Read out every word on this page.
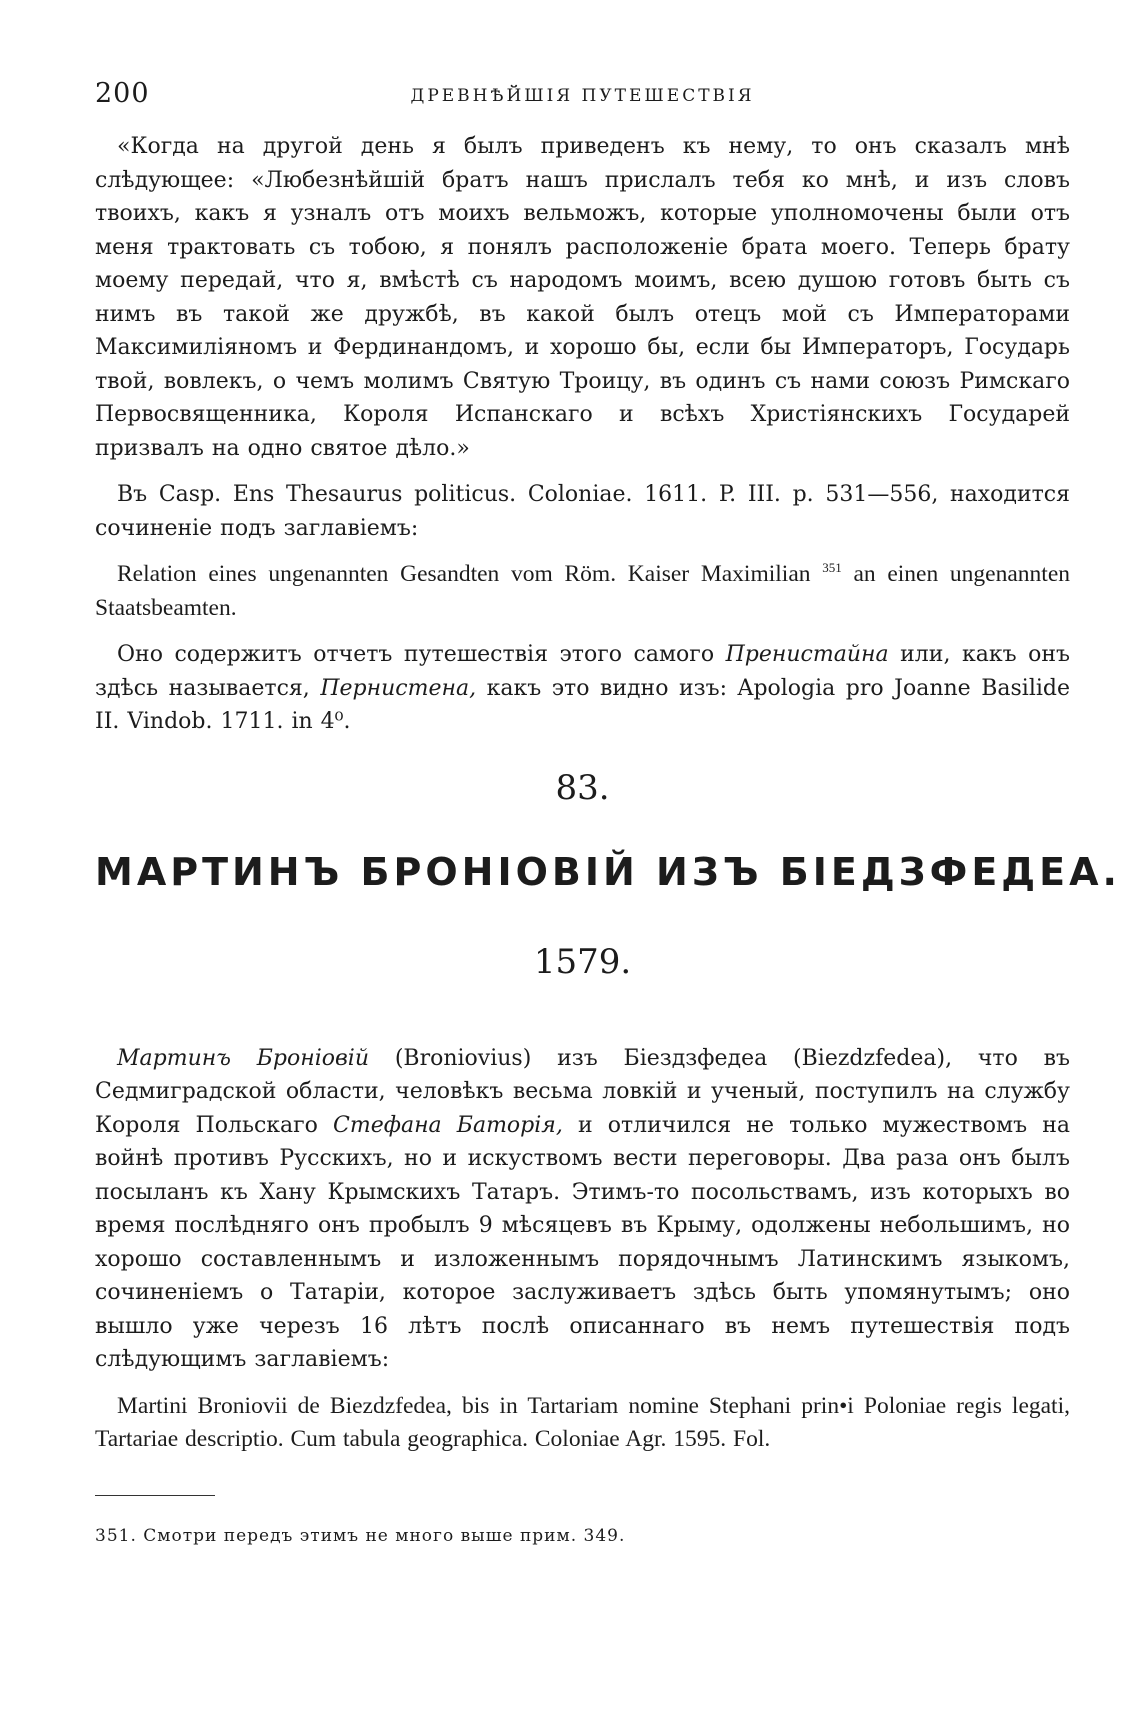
200	ДРЕВНѢЙШІЯ ПУТЕШЕСТВІЯ

«Когда на другой день я былъ приведенъ къ нему, то онъ сказалъ мнѣ слѣдующее: «Любезнѣйшій братъ нашъ прислалъ тебя ко мнѣ, и изъ словъ твоихъ, какъ я узналъ отъ моихъ вельможъ, которые уполномочены были отъ меня трактовать съ тобою, я понялъ расположеніе брата моего. Теперь брату моему передай, что я, вмѣстѣ съ народомъ моимъ, всею душою готовъ быть съ нимъ въ такой же дружбѣ, въ какой былъ отецъ мой съ Императорами Максимиліяномъ и Фердинандомъ, и хорошо бы, если бы Императоръ, Государь твой, вовлекъ, о чемъ молимъ Святую Троицу, въ одинъ съ нами союзъ Римскаго Первосвященника, Короля Испанскаго и всѣхъ Христіянскихъ Государей призвалъ на одно святое дѣло.»

Въ Casp. Ens Thesaurus politicus. Coloniae. 1611. P. III. p. 531—556, находится сочиненіе подъ заглавіемъ:

Relation eines ungenannten Gesandten vom Röm. Kaiser Maximilian $^{351}$ an einen ungenannten Staatsbeamten.

Оно содержитъ отчетъ путешествія этого самого Пренистайна или, какъ онъ здѣсь называется, Пернистена, какъ это видно изъ: Apologia pro Joanne Basilide II. Vindob. 1711. in 4⁰.

83.
МАРТИНЪ БРОНІОВІЙ ИЗЪ БІЕДЗФЕДЕА.
1579.

Мартинъ Броніовій (Broniovius) изъ Біездзфедеа (Biezdzfedea), что въ Седмиградской области, человѣкъ весьма ловкій и ученый, поступилъ на службу Короля Польскаго Стефана Баторія, и отличился не только мужествомъ на войнѣ противъ Русскихъ, но и искуствомъ вести переговоры. Два раза онъ былъ посыланъ къ Хану Крымскихъ Татаръ. Этимъ-то посольствамъ, изъ которыхъ во время послѣдняго онъ пробылъ 9 мѣсяцевъ въ Крыму, одолжены небольшимъ, но хорошо составленнымъ и изложеннымъ порядочнымъ Латинскимъ языкомъ, сочиненіемъ о Татаріи, которое заслуживаетъ здѣсь быть упомянутымъ; оно вышло уже черезъ 16 лѣтъ послѣ описаннаго въ немъ путешествія подъ слѣдующимъ заглавіемъ:

Martini Broniovii de Biezdzfedea, bis in Tartariam nomine Stephani prin•i Poloniae regis legati, Tartariae descriptio. Cum tabula geographica. Coloniae Agr. 1595. Fol.

351. Смотри передъ этимъ не много выше прим. 349.
